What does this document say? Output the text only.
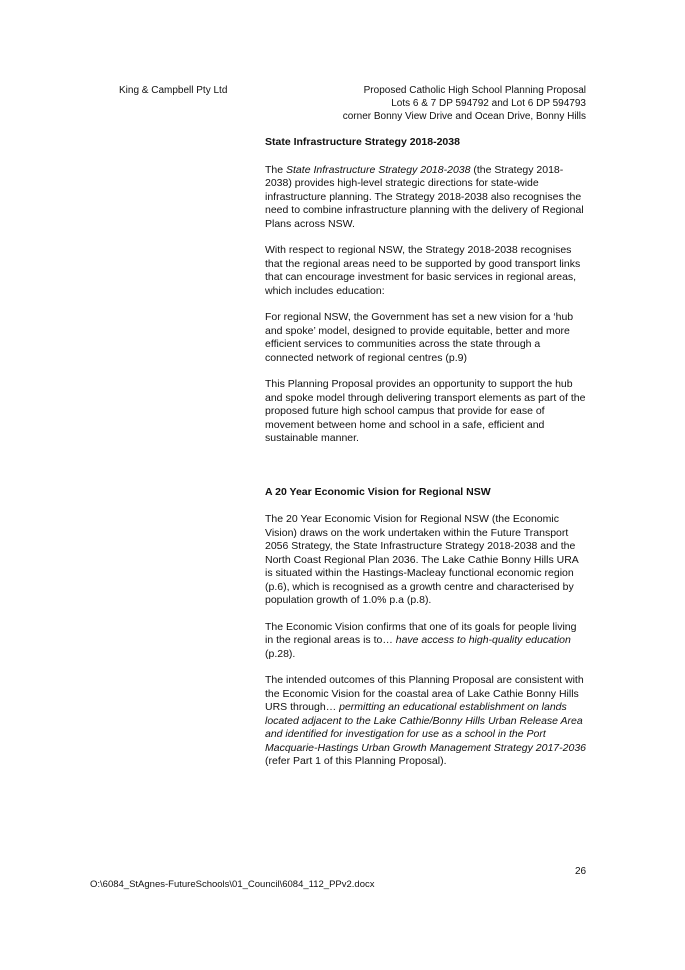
King & Campbell Pty Ltd	Proposed Catholic High School Planning Proposal
Lots 6 & 7 DP 594792 and Lot 6 DP 594793
corner Bonny View Drive and Ocean Drive, Bonny Hills

State Infrastructure Strategy 2018-2038

The State Infrastructure Strategy 2018-2038 (the Strategy 2018-2038) provides high-level strategic directions for state-wide infrastructure planning. The Strategy 2018-2038 also recognises the need to combine infrastructure planning with the delivery of Regional Plans across NSW.

With respect to regional NSW, the Strategy 2018-2038 recognises that the regional areas need to be supported by good transport links that can encourage investment for basic services in regional areas, which includes education:

For regional NSW, the Government has set a new vision for a ‘hub and spoke’ model, designed to provide equitable, better and more efficient services to communities across the state through a connected network of regional centres (p.9)

This Planning Proposal provides an opportunity to support the hub and spoke model through delivering transport elements as part of the proposed future high school campus that provide for ease of movement between home and school in a safe, efficient and sustainable manner.

A 20 Year Economic Vision for Regional NSW

The 20 Year Economic Vision for Regional NSW (the Economic Vision) draws on the work undertaken within the Future Transport 2056 Strategy, the State Infrastructure Strategy 2018-2038 and the North Coast Regional Plan 2036. The Lake Cathie Bonny Hills URA is situated within the Hastings-Macleay functional economic region (p.6), which is recognised as a growth centre and characterised by population growth of 1.0% p.a (p.8).

The Economic Vision confirms that one of its goals for people living in the regional areas is to… have access to high-quality education (p.28).

The intended outcomes of this Planning Proposal are consistent with the Economic Vision for the coastal area of Lake Cathie Bonny Hills URS through… permitting an educational establishment on lands located adjacent to the Lake Cathie/Bonny Hills Urban Release Area and identified for investigation for use as a school in the Port Macquarie-Hastings Urban Growth Management Strategy 2017-2036 (refer Part 1 of this Planning Proposal).

26
O:\6084_StAgnes-FutureSchools\01_Council\6084_112_PPv2.docx
